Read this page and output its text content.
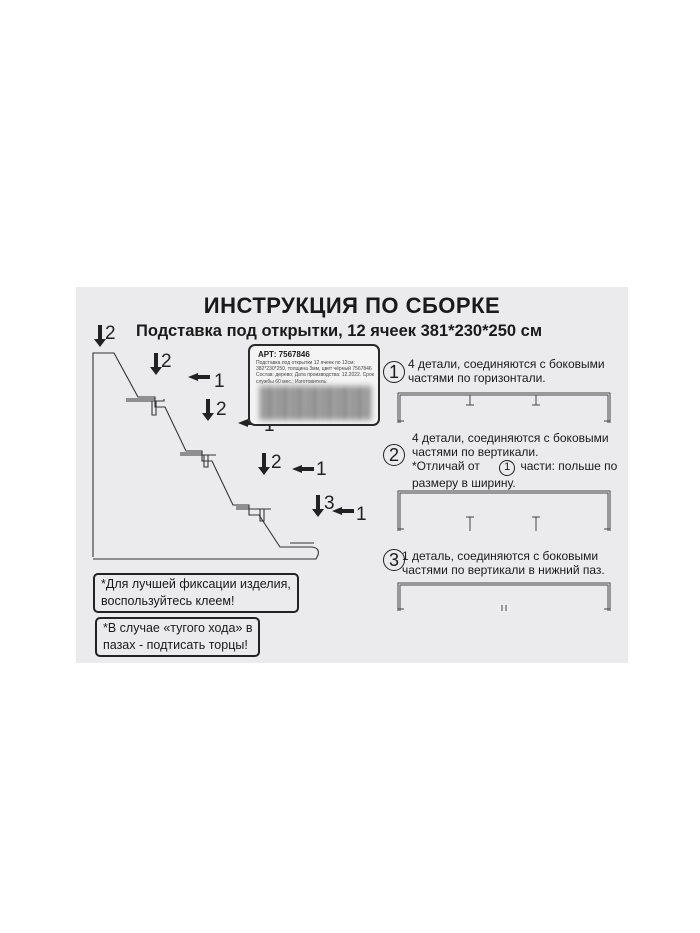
ИНСТРУКЦИЯ ПО СБОРКЕ
Подставка под открытки, 12 ячеек 381*230*250 см
2
2
1
2
2 1
3
1
АРТ: 7567846
Подставка под открытки 12 ячеек по 12см; 382*230*250, толщина 3мм, цвет чёрный 7567846 Состав: дерево; Дата производства: 12.2022. Срок службы 60 мес.; Изготовитель:	1 4 детали, соединяются с боковыми
частями по горизонтали.
2
4 детали, соединяются с боковыми
частями по вертикали.
*Отличай от 1 части: польше по
размеру в ширину.
3 1 деталь, соединяются с боковыми
частями по вертикали в нижний паз.
*Для лучшей фиксации изделия,
воспользуйтесь клеем!
*В случае «тугого хода» в
пазах - подтисать торцы!
